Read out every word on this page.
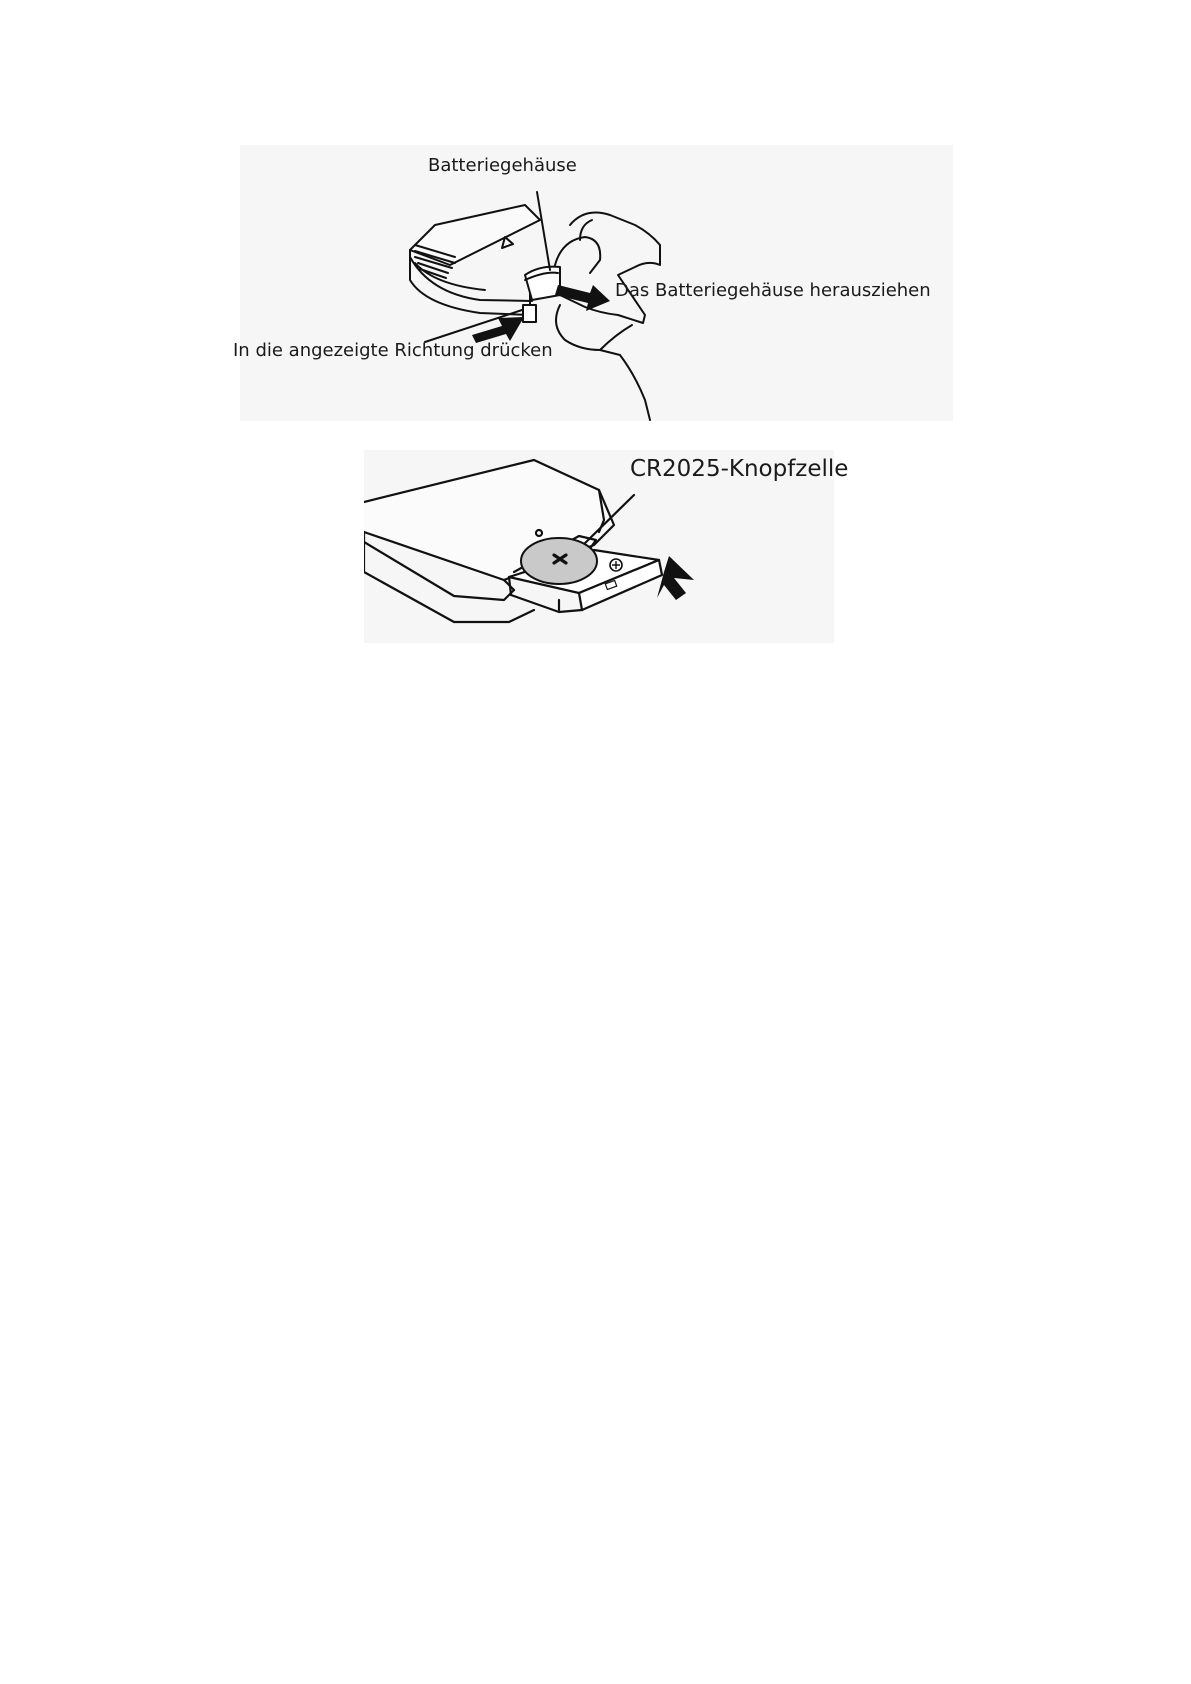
Batteriegehäuse
Das Batteriegehäuse herausziehen
In die angezeigte Richtung drücken
CR2025-Knopfzelle
